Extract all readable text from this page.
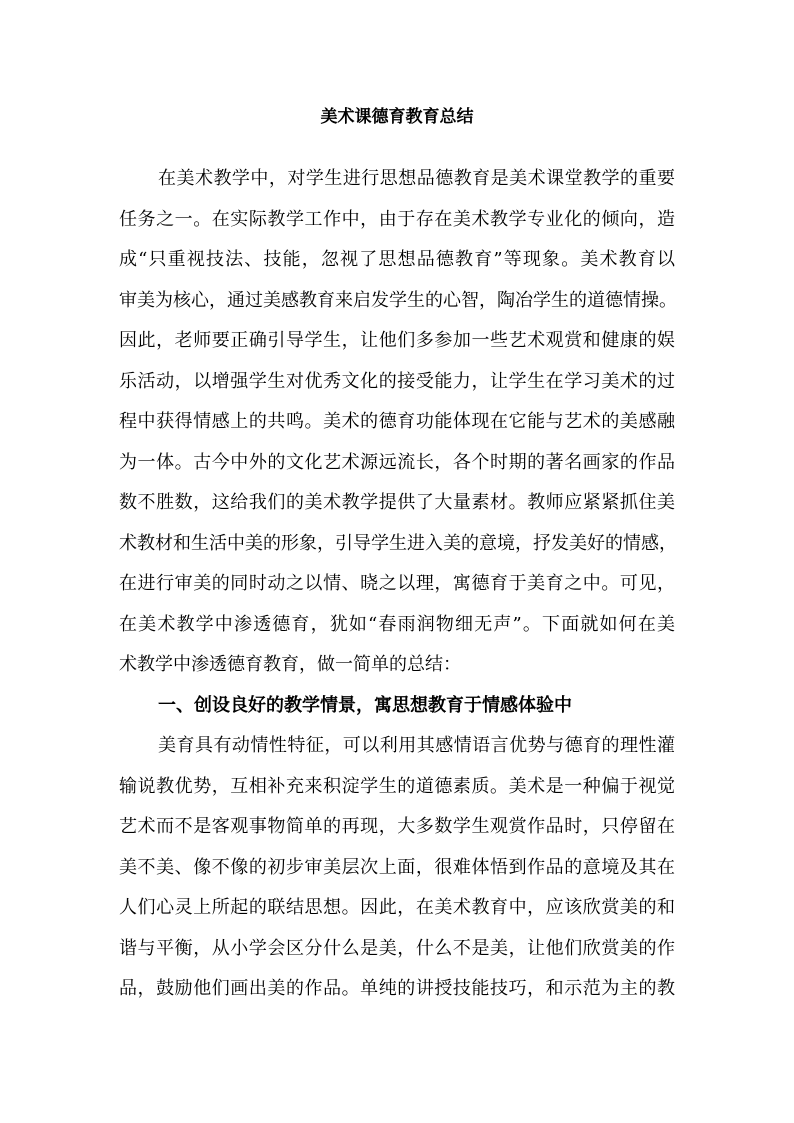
美术课德育教育总结
在美术教学中，对学生进行思想品德教育是美术课堂教学的重要
任务之一。在实际教学工作中，由于存在美术教学专业化的倾向，造
成“只重视技法、技能，忽视了思想品德教育”等现象。美术教育以
审美为核心，通过美感教育来启发学生的心智，陶冶学生的道德情操。
因此，老师要正确引导学生，让他们多参加一些艺术观赏和健康的娱
乐活动，以增强学生对优秀文化的接受能力，让学生在学习美术的过
程中获得情感上的共鸣。美术的德育功能体现在它能与艺术的美感融
为一体。古今中外的文化艺术源远流长，各个时期的著名画家的作品
数不胜数，这给我们的美术教学提供了大量素材。教师应紧紧抓住美
术教材和生活中美的形象，引导学生进入美的意境，抒发美好的情感，
在进行审美的同时动之以情、晓之以理，寓德育于美育之中。可见，
在美术教学中渗透德育，犹如“春雨润物细无声”。下面就如何在美
术教学中渗透德育教育，做一简单的总结：
一、创设良好的教学情景，寓思想教育于情感体验中
美育具有动情性特征，可以利用其感情语言优势与德育的理性灌
输说教优势，互相补充来积淀学生的道德素质。美术是一种偏于视觉
艺术而不是客观事物简单的再现，大多数学生观赏作品时，只停留在
美不美、像不像的初步审美层次上面，很难体悟到作品的意境及其在
人们心灵上所起的联结思想。因此，在美术教育中，应该欣赏美的和
谐与平衡，从小学会区分什么是美，什么不是美，让他们欣赏美的作
品，鼓励他们画出美的作品。单纯的讲授技能技巧，和示范为主的教
